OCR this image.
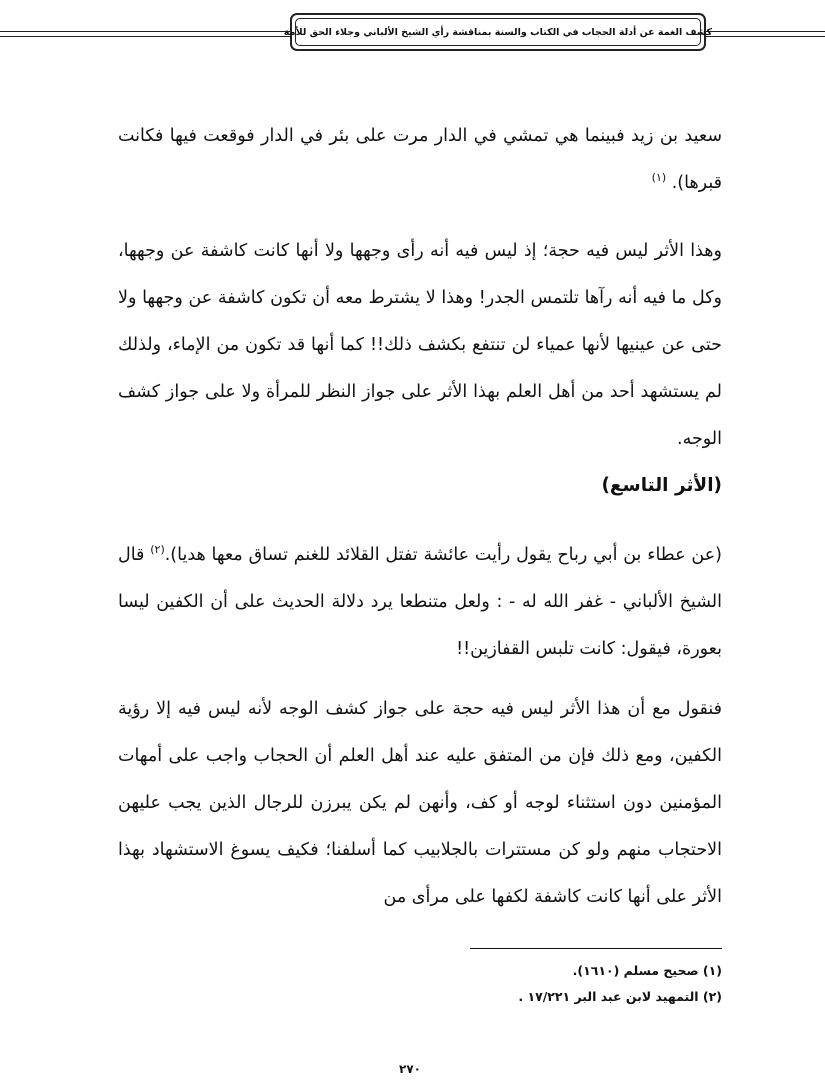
كشف الغمة عن أدلة الحجاب في الكتاب والسنة بمناقشة رأي الشيخ الألباني وجلاء الحق للأمة

سعيد بن زيد فبينما هي تمشي في الدار مرت على بئر في الدار فوقعت فيها فكانت قبرها). $^{(١)}$

وهذا الأثر ليس فيه حجة؛ إذ ليس فيه أنه رأى وجهها ولا أنها كانت كاشفة عن وجهها، وكل ما فيه أنه رآها تلتمس الجدر! وهذا لا يشترط معه أن تكون كاشفة عن وجهها ولا حتى عن عينيها لأنها عمياء لن تنتفع بكشف ذلك!! كما أنها قد تكون من الإماء، ولذلك لم يستشهد أحد من أهل العلم بهذا الأثر على جواز النظر للمرأة ولا على جواز كشف الوجه.

(الأثر التاسع)

(عن عطاء بن أبي رباح يقول رأيت عائشة تفتل القلائد للغنم تساق معها هديا).$^{(٢)}$ قال الشيخ الألباني - غفر الله له - : ولعل متنطعا يرد دلالة الحديث على أن الكفين ليسا بعورة، فيقول: كانت تلبس القفازين!!

فنقول مع أن هذا الأثر ليس فيه حجة على جواز كشف الوجه لأنه ليس فيه إلا رؤية الكفين، ومع ذلك فإن من المتفق عليه عند أهل العلم أن الحجاب واجب على أمهات المؤمنين دون استثناء لوجه أو كف، وأنهن لم يكن يبرزن للرجال الذين يجب عليهن الاحتجاب منهم ولو كن مستترات بالجلابيب كما أسلفنا؛ فكيف يسوغ الاستشهاد بهذا الأثر على أنها كانت كاشفة لكفها على مرأى من

(١) صحيح مسلم (١٦١٠).
(٢) التمهيد لابن عبد البر ١٧/٢٢١ .
٢٧٠
